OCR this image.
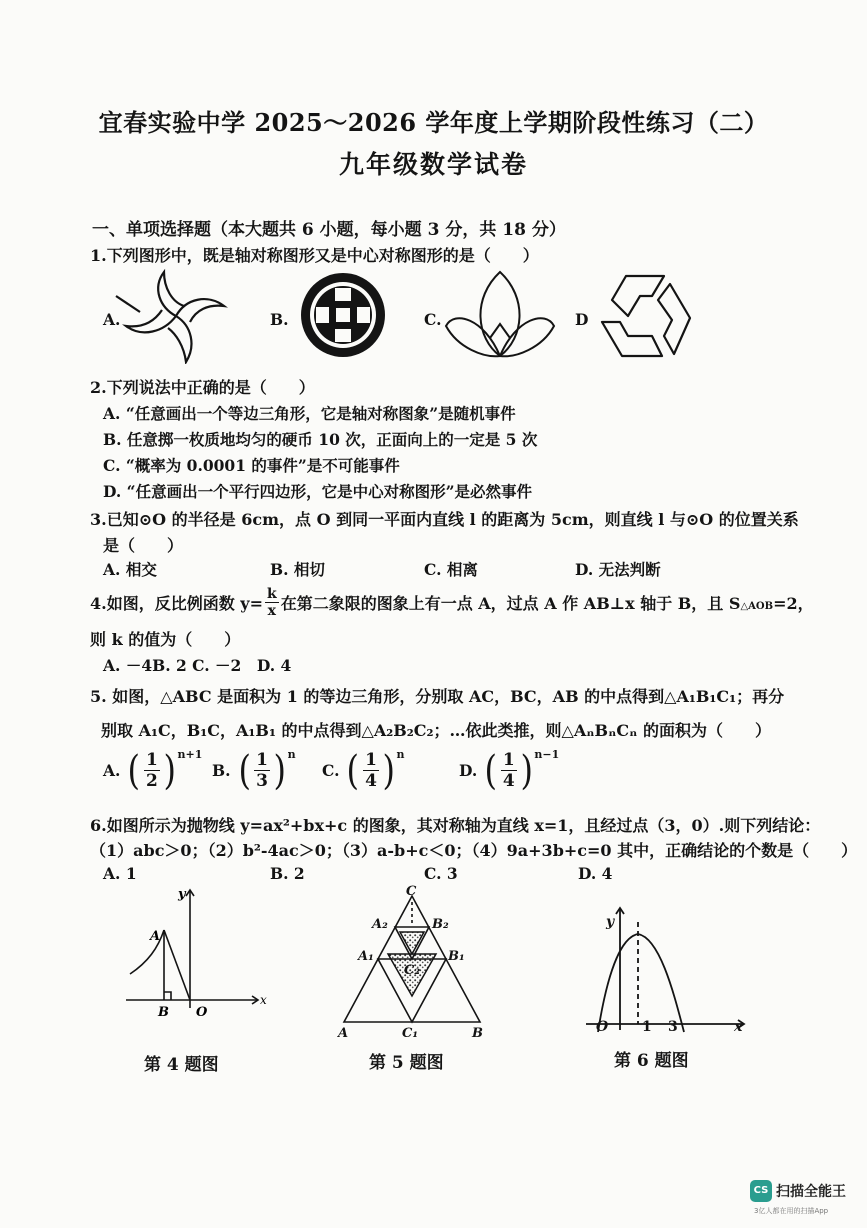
宜春实验中学 2025～2026 学年度上学期阶段性练习（二）
九年级数学试卷
一、单项选择题（本大题共 6 小题，每小题 3 分，共 18 分）
1.下列图形中，既是轴对称图形又是中心对称图形的是（　　）
A.	B.	C.	D
2.下列说法中正确的是（　　）
A. “任意画出一个等边三角形，它是轴对称图象”是随机事件
B. 任意掷一枚质地均匀的硬币 10 次，正面向上的一定是 5 次
C. “概率为 0.0001 的事件”是不可能事件
D. “任意画出一个平行四边形，它是中心对称图形”是必然事件
3.已知⊙O 的半径是 6cm，点 O 到同一平面内直线 l 的距离为 5cm，则直线 l 与⊙O 的位置关系
是（　　）
A. 相交	B. 相切	C. 相离	D. 无法判断
4.如图，反比例函数 $y= \frac{k}{x}$ 在第二象限的图象上有一点 A，过点 A 作 AB⊥x 轴于 B，且 S △AOB =2，
则 k 的值为（　　）
A. －4B. 2 C. －2　D. 4
5. 如图，△ABC 是面积为 1 的等边三角形，分别取 AC，BC，AB 的中点得到△A₁B₁C₁；再分
别取 A₁C，B₁C，A₁B₁ 的中点得到△A₂B₂C₂；…依此类推，则△AₙBₙCₙ 的面积为（　　）
A. ( $\frac{1}{2}$ ) n+1
B. ( $\frac{1}{3}$ ) n
C. ( $\frac{1}{4}$ ) n
D. ( $\frac{1}{4}$ ) n−1
6.如图所示为抛物线 y=ax²+bx+c 的图象，其对称轴为直线 x=1，且经过点（3，0）.则下列结论：
（1）abc＞0；（2）b²-4ac＞0；（3）a-b+c＜0；（4）9a+3b+c=0 其中，正确结论的个数是（　　）
A. 1	B. 2	C. 3	D. 4
y
x
A
B O
第 4 题图
C
A₂	B₂
A₁	B₁
C₂
A	C₁	B
第 5 题图
y
O 1 3	x
第 6 题图
CS 扫描全能王
3亿人都在用的扫描App
